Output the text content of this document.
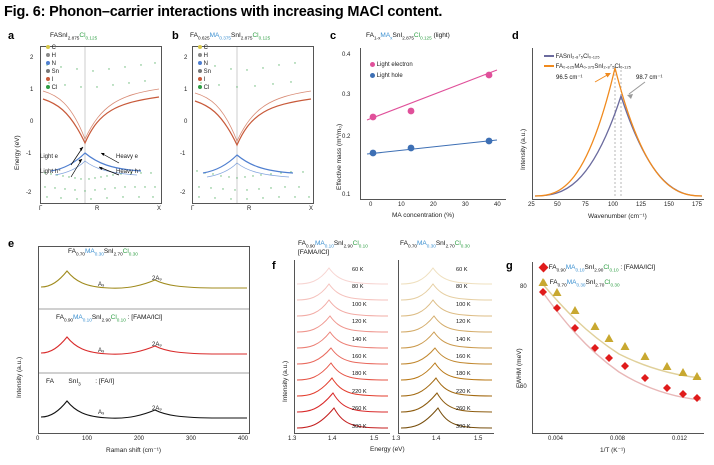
Fig. 6: Phonon–carrier interactions with increasing MACl content.
a	$FASnI_{2.875}Cl_{0.125}$
Energy (eV)
2
1
0
-1
-2
Γ	R	X
C
H
N
Sn
I
Cl
Light e
Light h⁺
Heavy e
Heavy h⁺
b $FA_{0.625}MA_{0.375}SnI_{2.875}Cl_{0.125}$
2
1
0
-1
-2
Γ	R	X
C
H
N
Sn
I
Cl
c	$FA_{1-x}MA_xSnI_{2.875}Cl_{0.125}$ (light)
Effective mass (m*/m₀)
0.4
0.3
0.2
0.1
0	10	20	30	40
MA concentration (%)
Light electron
Light hole
d
Intensity (a.u.)
96.5 cm⁻¹	98.7 cm⁻¹
FASnI₂.₈⁷₅Cl₀.₁₂₅
FA₀.₆₂₅MA₀.₃₇₅SnI₂.₈⁷₅Cl₀.₁₂₅
25	50	75	100	125	150	175
Wavenumber (cm⁻¹)
e
Intensity (a.u.)
$FA_{0.70}MA_{0.30}SnI_{2.70}Cl_{0.30}$
A₉
2A₉
$FA_{0.90}MA_{0.10}SnI_{2.90}Cl_{0.10}$ : [FAMA/ICl]
A₉
2A₉
FA        SnI$_3$        : [FA/I]
A₉
2A₉
0	100	200	300	400
Raman shift (cm⁻¹)
f
Intensity (a.u.)
$FA_{0.90}MA_{0.10}SnI_{2.90}Cl_{0.10}$
[FAMA/ICl]
$FA_{0.70}MA_{0.30}SnI_{2.70}Cl_{0.30}$
60 K
80 K
100 K
120 K
140 K
160 K
180 K
220 K
260 K
300 K
60 K
80 K
100 K
120 K
140 K
160 K
180 K
220 K
260 K
300 K
1.3	1.4	1.5 1.3	1.4	1.5
Energy (eV)
g
FWHM (meV)
80
60
0.004	0.008	0.012
1/T (K⁻¹)
$FA_{0.90}MA_{0.10}SnI_{2.90}Cl_{0.10}$ : [FAMA/ICl]
$FA_{0.70}MA_{0.30}SnI_{2.70}Cl_{0.30}$
